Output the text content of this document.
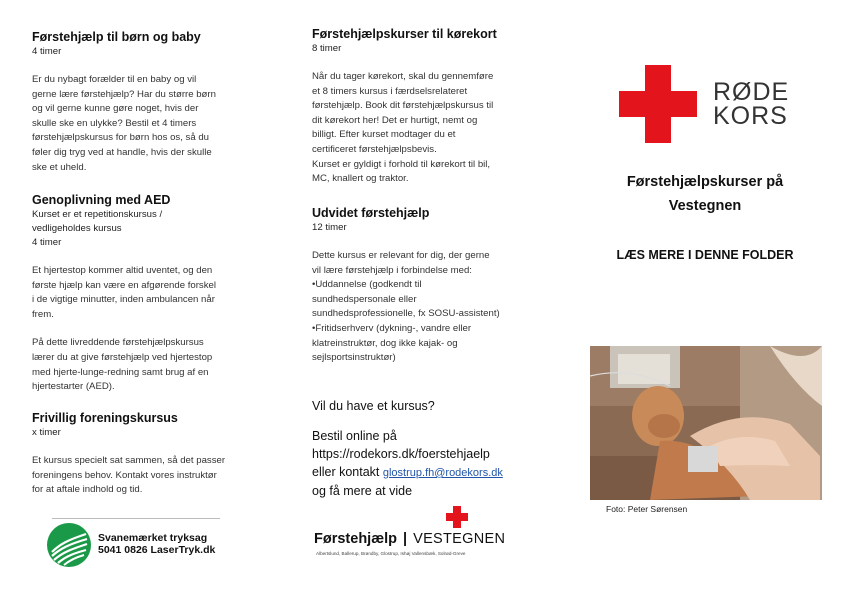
Førstehjælp til børn og baby

4 timer

Er du nybagt forælder til en baby og vil

gerne lære førstehjælp? Har du større børn

og vil gerne kunne gøre noget, hvis der

skulle ske en ulykke? Bestil et 4 timers

førstehjælpskursus for børn hos os, så du

føler dig tryg ved at handle, hvis der skulle

ske et uheld.

Genoplivning med AED

Kurset er et repetitionskursus /

vedligeholdes kursus

4 timer

Et hjertestop kommer altid uventet, og den

første hjælp kan være en afgørende forskel

i de vigtige minutter, inden ambulancen når

frem.

På dette livreddende førstehjælpskursus

lærer du at give førstehjælp ved hjertestop

med hjerte-lunge-redning samt brug af en

hjertestarter (AED).

Frivillig foreningskursus

x timer

Et kursus specielt sat sammen, så det passer

foreningens behov. Kontakt vores instruktør

for at aftale indhold og tid.

Svanemærket tryksag
5041 0826 LaserTryk.dk

Førstehjælpskurser til kørekort

8 timer

Når du tager kørekort, skal du gennemføre

et 8 timers kursus i færdselsrelateret

førstehjælp. Book dit førstehjælpskursus til

dit kørekort her! Det er hurtigt, nemt og

billigt. Efter kurset modtager du et

certificeret førstehjælpsbevis.

Kurset er gyldigt i forhold til kørekort til bil,

MC, knallert og traktor.

Udvidet førstehjælp

12 timer

Dette kursus er relevant for dig, der gerne

vil lære førstehjælp i forbindelse med:

•Uddannelse (godkendt til

sundhedspersonale eller

sundhedsprofessionelle, fx SOSU-assistent)

•Fritidserhverv (dykning-, vandre eller

klatreinstruktør, dog ikke kajak- og

sejlsportsinstruktør)

Vil du have et kursus?
Bestil online på
https://rodekors.dk/foerstehjaelp
eller kontakt glostrup.fh@rodekors.dk
og få mere at vide
Førstehjælp | VESTEGNEN
Albertslund, Ballerup, Brøndby, Glostrup, Ishøj Vallensbæk, Solrød-Greve
RØDE
KORS
Førstehjælpskurser på
Vestegnen
LÆS MERE I DENNE FOLDER
Foto: Peter Sørensen
